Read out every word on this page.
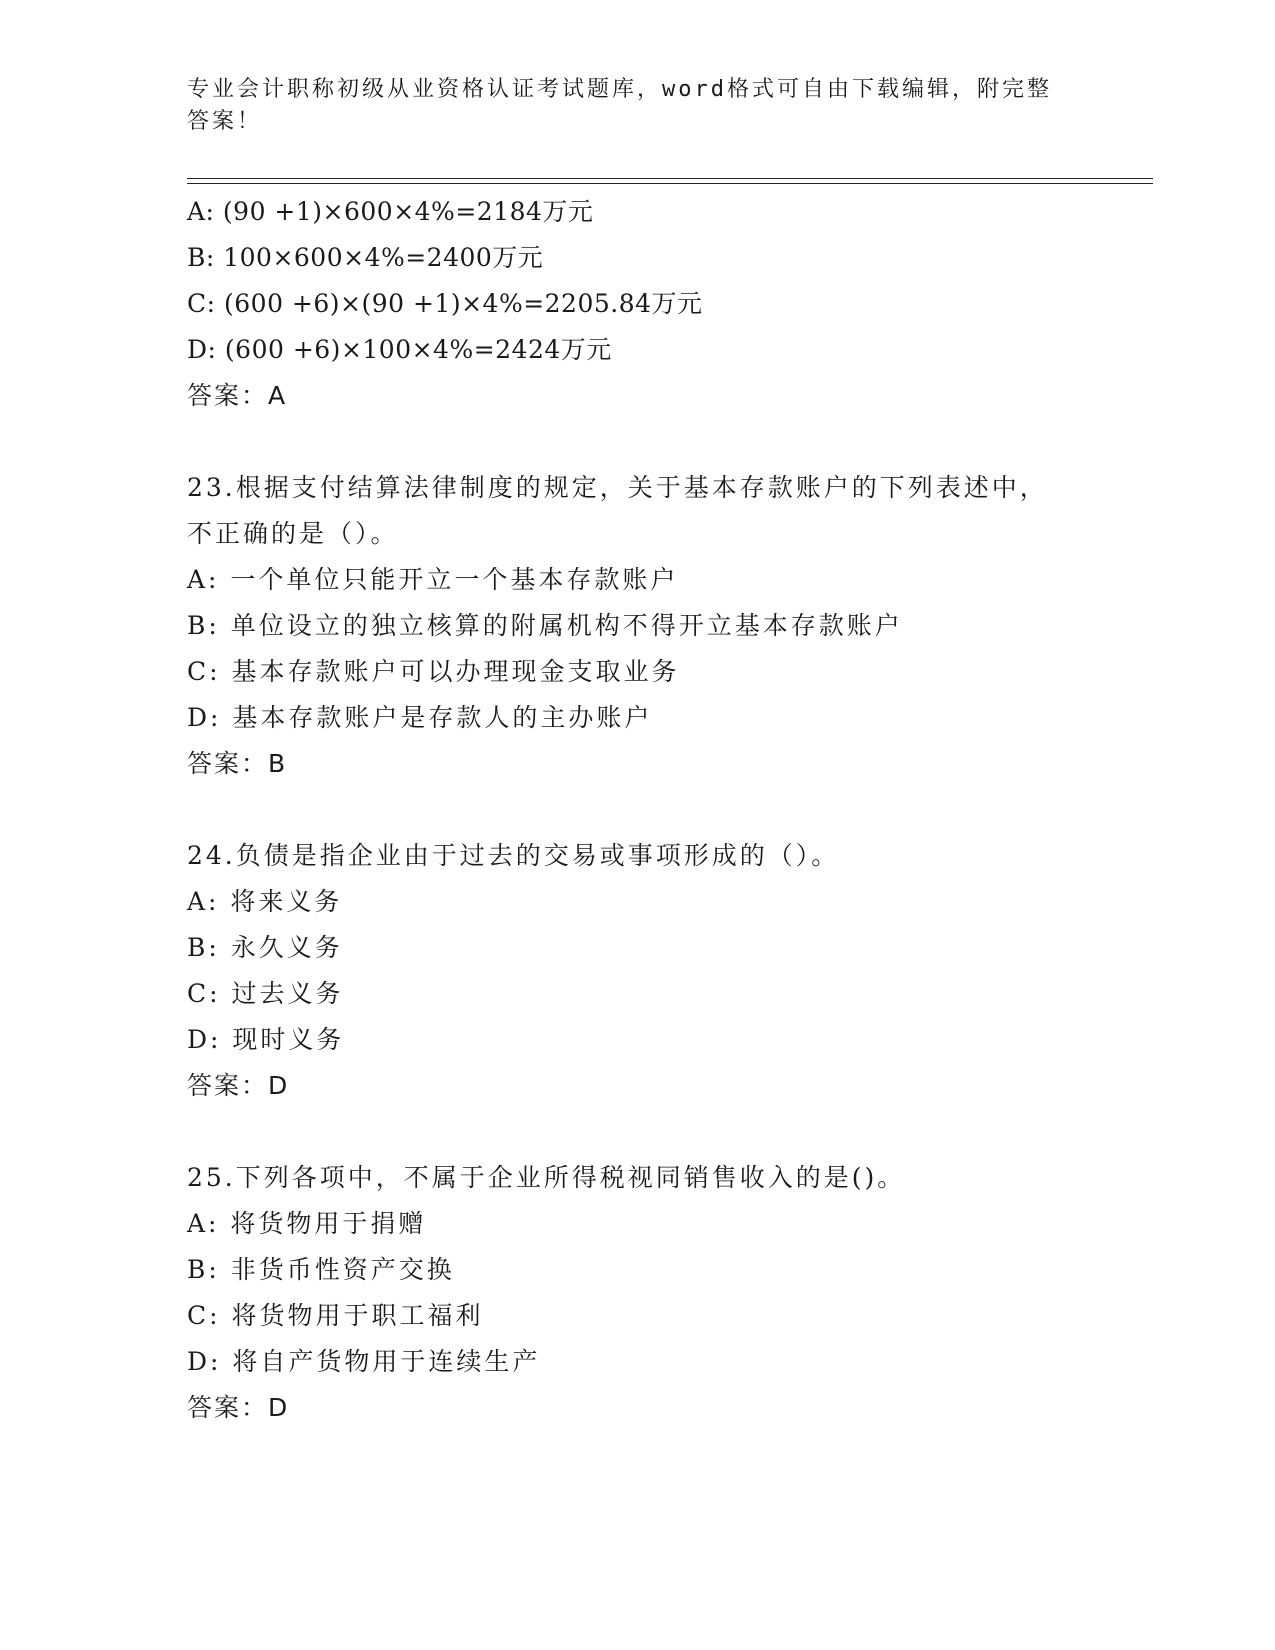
专业会计职称初级从业资格认证考试题库，word格式可自由下载编辑，附完整答案！
A: (90 +1)×600×4%=2184万元
B: 100×600×4%=2400万元
C: (600 +6)×(90 +1)×4%=2205.84万元
D: (600 +6)×100×4%=2424万元
答案：A
23.根据支付结算法律制度的规定，关于基本存款账户的下列表述中，
不正确的是（）。
A: 一个单位只能开立一个基本存款账户
B: 单位设立的独立核算的附属机构不得开立基本存款账户
C: 基本存款账户可以办理现金支取业务
D: 基本存款账户是存款人的主办账户
答案：B
24.负债是指企业由于过去的交易或事项形成的（）。
A: 将来义务
B: 永久义务
C: 过去义务
D: 现时义务
答案：D
25.下列各项中，不属于企业所得税视同销售收入的是()。
A: 将货物用于捐赠
B: 非货币性资产交换
C: 将货物用于职工福利
D: 将自产货物用于连续生产
答案：D
